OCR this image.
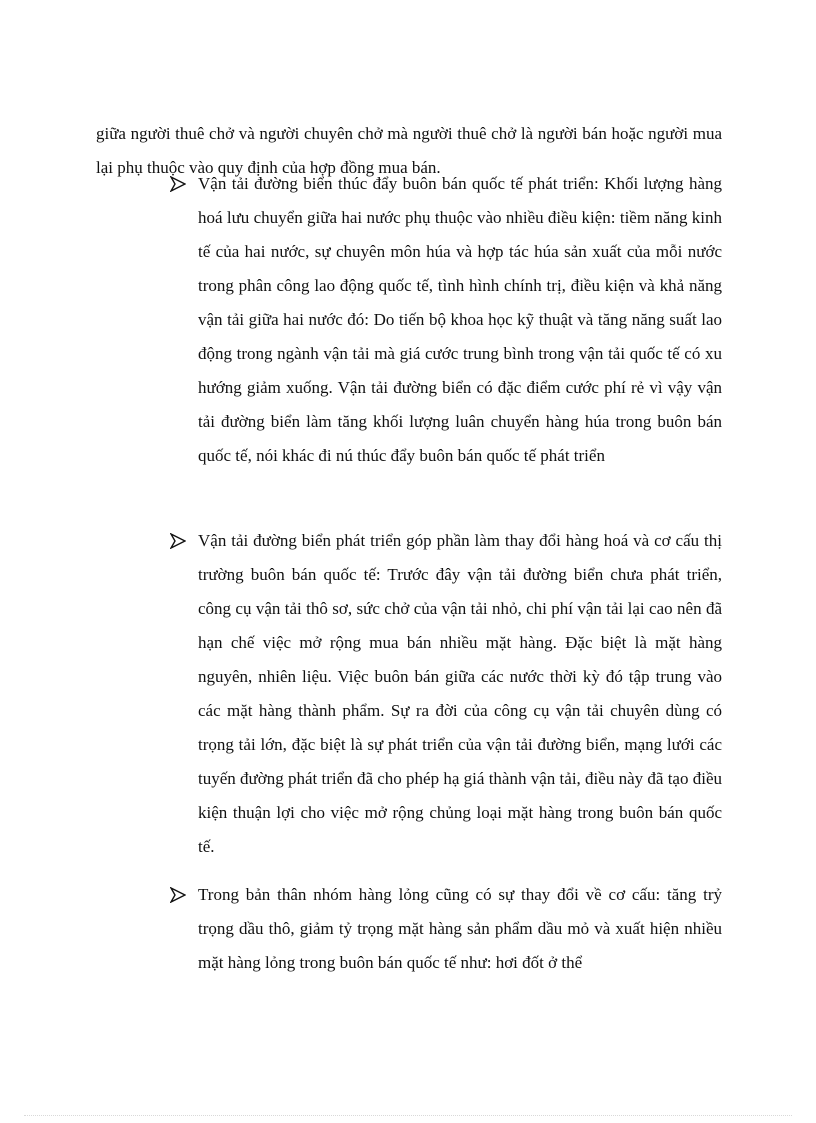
giữa người thuê chở và người chuyên chở mà người thuê chở là người bán hoặc người mua lại phụ thuộc vào quy định của hợp đồng mua bán.

Vận tải đường biển thúc đẩy buôn bán quốc tế phát triển: Khối lượng hàng hoá lưu chuyển giữa hai nước phụ thuộc vào nhiều điều kiện: tiềm năng kinh tế của hai nước, sự chuyên môn húa và hợp tác húa sản xuất của mỗi nước trong phân công lao động quốc tế, tình hình chính trị, điều kiện và khả năng vận tải giữa hai nước đó: Do tiến bộ khoa học kỹ thuật và tăng năng suất lao động trong ngành vận tải mà giá cước trung bình trong vận tải quốc tế có xu hướng giảm xuống. Vận tải đường biển có đặc điểm cước phí rẻ vì vậy vận tải đường biển làm tăng khối lượng luân chuyển hàng húa trong buôn bán quốc tế, nói khác đi nú thúc đẩy buôn bán quốc tế phát triển
Vận tải đường biển phát triển góp phần làm thay đổi hàng hoá và cơ cấu thị trường buôn bán quốc tế: Trước đây vận tải đường biển chưa phát triển, công cụ vận tải thô sơ, sức chở của vận tải nhỏ, chi phí vận tải lại cao nên đã hạn chế việc mở rộng mua bán nhiều mặt hàng. Đặc biệt là mặt hàng nguyên, nhiên liệu. Việc buôn bán giữa các nước thời kỳ đó tập trung vào các mặt hàng thành phẩm. Sự ra đời của công cụ vận tải chuyên dùng có trọng tải lớn, đặc biệt là sự phát triển của vận tải đường biển, mạng lưới các tuyến đường phát triển đã cho phép hạ giá thành vận tải, điều này đã tạo điều kiện thuận lợi cho việc mở rộng chủng loại mặt hàng trong buôn bán quốc tế.
Trong bản thân nhóm hàng lỏng cũng có sự thay đổi về cơ cấu: tăng trỷ trọng dầu thô, giảm tỷ trọng mặt hàng sản phẩm dầu mỏ và xuất hiện nhiều mặt hàng lỏng trong buôn bán quốc tế như: hơi đốt ở thể
